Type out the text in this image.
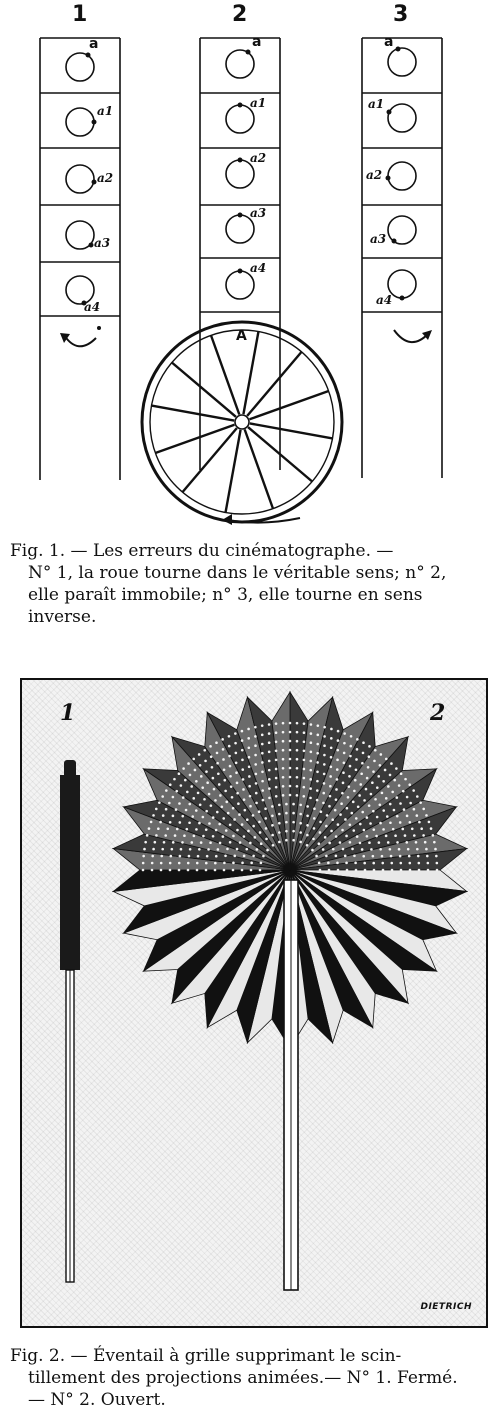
1	2	3
a
a1
a2
a3
a4
a
a1
a2
a3
a4
a
a1
a2
a3
a4
A
Fig. 1. — Les erreurs du cinématographe. —
N° 1, la roue tourne dans le véritable sens; n° 2,
elle paraît immobile; n° 3, elle tourne en sens
inverse.
1	2
DIETRICH
Fig. 2. — Éventail à grille supprimant le scin-
tillement des projections animées.— N° 1. Fermé.
— N° 2. Ouvert.
